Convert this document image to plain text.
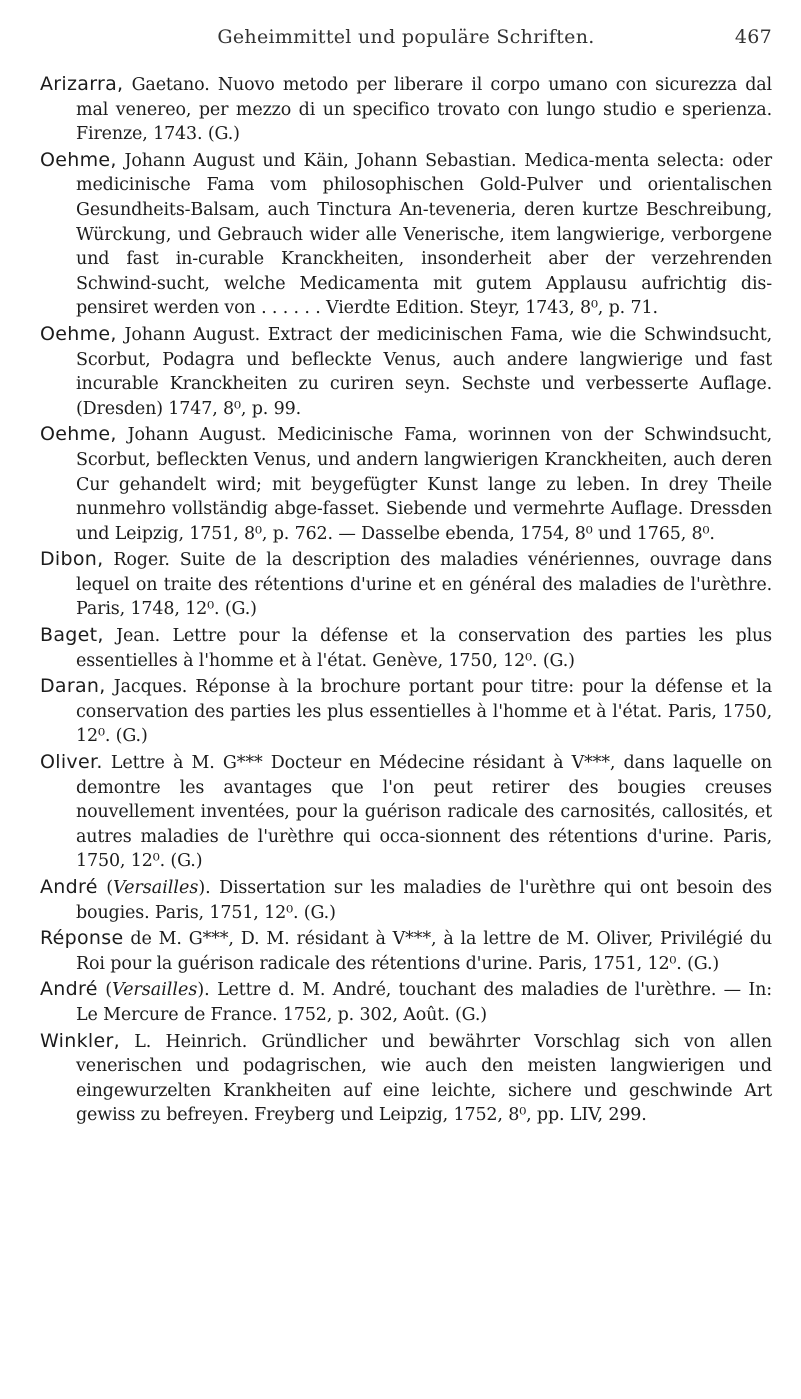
Geheimmittel und populäre Schriften.	467

Arizarra, Gaetano. Nuovo metodo per liberare il corpo umano con sicurezza dal mal venereo, per mezzo di un specifico trovato con lungo studio e sperienza. Firenze, 1743. (G.)

Oehme, Johann August und Käin, Johann Sebastian. Medica-menta selecta: oder medicinische Fama vom philosophischen Gold-Pulver und orientalischen Gesundheits-Balsam, auch Tinctura An-teveneria, deren kurtze Beschreibung, Würckung, und Gebrauch wider alle Venerische, item langwierige, verborgene und fast in-curable Kranckheiten, insonderheit aber der verzehrenden Schwind-sucht, welche Medicamenta mit gutem Applausu aufrichtig dis-pensiret werden von . . . . . . Vierdte Edition. Steyr, 1743, 8⁰, p. 71.

Oehme, Johann August. Extract der medicinischen Fama, wie die Schwindsucht, Scorbut, Podagra und befleckte Venus, auch andere langwierige und fast incurable Kranckheiten zu curiren seyn. Sechste und verbesserte Auflage. (Dresden) 1747, 8⁰, p. 99.

Oehme, Johann August. Medicinische Fama, worinnen von der Schwindsucht, Scorbut, befleckten Venus, und andern langwierigen Kranckheiten, auch deren Cur gehandelt wird; mit beygefügter Kunst lange zu leben. In drey Theile nunmehro vollständig abge-fasset. Siebende und vermehrte Auflage. Dressden und Leipzig, 1751, 8⁰, p. 762. — Dasselbe ebenda, 1754, 8⁰ und 1765, 8⁰.

Dibon, Roger. Suite de la description des maladies vénériennes, ouvrage dans lequel on traite des rétentions d'urine et en général des maladies de l'urèthre. Paris, 1748, 12⁰. (G.)

Baget, Jean. Lettre pour la défense et la conservation des parties les plus essentielles à l'homme et à l'état. Genève, 1750, 12⁰. (G.)

Daran, Jacques. Réponse à la brochure portant pour titre: pour la défense et la conservation des parties les plus essentielles à l'homme et à l'état. Paris, 1750, 12⁰. (G.)

Oliver. Lettre à M. G*** Docteur en Médecine résidant à V***, dans laquelle on demontre les avantages que l'on peut retirer des bougies creuses nouvellement inventées, pour la guérison radicale des carnosités, callosités, et autres maladies de l'urèthre qui occa-sionnent des rétentions d'urine. Paris, 1750, 12⁰. (G.)

André (Versailles). Dissertation sur les maladies de l'urèthre qui ont besoin des bougies. Paris, 1751, 12⁰. (G.)

Réponse de M. G***, D. M. résidant à V***, à la lettre de M. Oliver, Privilégié du Roi pour la guérison radicale des rétentions d'urine. Paris, 1751, 12⁰. (G.)

André (Versailles). Lettre d. M. André, touchant des maladies de l'urèthre. — In: Le Mercure de France. 1752, p. 302, Août. (G.)

Winkler, L. Heinrich. Gründlicher und bewährter Vorschlag sich von allen venerischen und podagrischen, wie auch den meisten langwierigen und eingewurzelten Krankheiten auf eine leichte, sichere und geschwinde Art gewiss zu befreyen. Freyberg und Leipzig, 1752, 8⁰, pp. LIV, 299.
